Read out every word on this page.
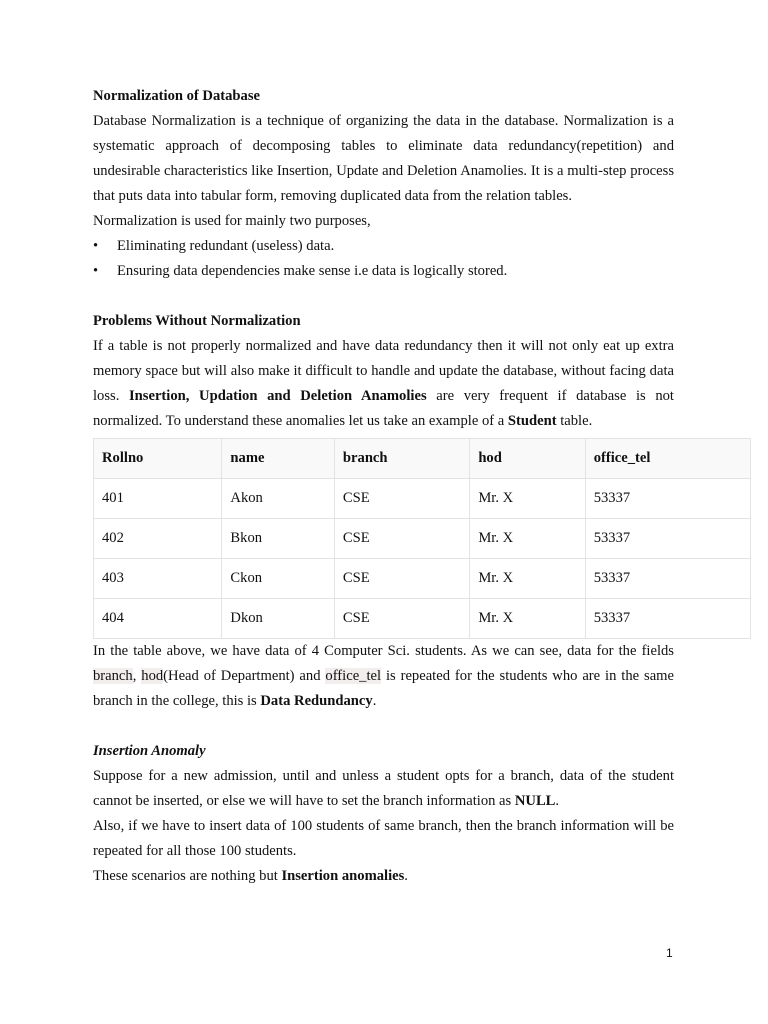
Normalization of Database

Database Normalization is a technique of organizing the data in the database. Normalization is a systematic approach of decomposing tables to eliminate data redundancy(repetition) and undesirable characteristics like Insertion, Update and Deletion Anamolies. It is a multi-step process that puts data into tabular form, removing duplicated data from the relation tables.

Normalization is used for mainly two purposes,

•	Eliminating redundant (useless) data.
•	Ensuring data dependencies make sense i.e data is logically stored.

Problems Without Normalization

If a table is not properly normalized and have data redundancy then it will not only eat up extra memory space but will also make it difficult to handle and update the database, without facing data loss. Insertion, Updation and Deletion Anamolies are very frequent if database is not normalized. To understand these anomalies let us take an example of a Student table.

Rollno	name	branch	hod	office_tel
401	Akon	CSE	Mr. X	53337
402	Bkon	CSE	Mr. X	53337
403	Ckon	CSE	Mr. X	53337
404	Dkon	CSE	Mr. X	53337

In the table above, we have data of 4 Computer Sci. students. As we can see, data for the fields branch, hod(Head of Department) and office_tel is repeated for the students who are in the same branch in the college, this is Data Redundancy.

Insertion Anomaly

Suppose for a new admission, until and unless a student opts for a branch, data of the student cannot be inserted, or else we will have to set the branch information as NULL.

Also, if we have to insert data of 100 students of same branch, then the branch information will be repeated for all those 100 students.

These scenarios are nothing but Insertion anomalies.

1
